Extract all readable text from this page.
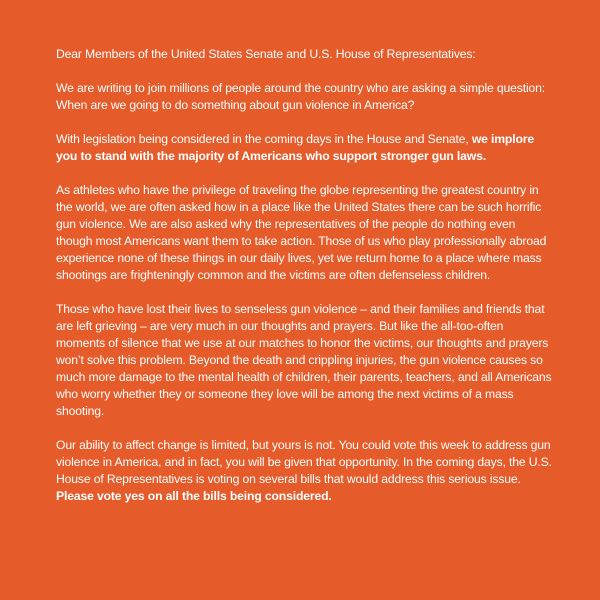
Dear Members of the United States Senate and U.S. House of Representatives:

We are writing to join millions of people around the country who are asking a simple question: When are we going to do something about gun violence in America?

With legislation being considered in the coming days in the House and Senate, we implore you to stand with the majority of Americans who support stronger gun laws.

As athletes who have the privilege of traveling the globe representing the greatest country in the world, we are often asked how in a place like the United States there can be such horrific gun violence. We are also asked why the representatives of the people do nothing even though most Americans want them to take action. Those of us who play professionally abroad experience none of these things in our daily lives, yet we return home to a place where mass shootings are frighteningly common and the victims are often defenseless children.

Those who have lost their lives to senseless gun violence – and their families and friends that are left grieving – are very much in our thoughts and prayers. But like the all-too-often moments of silence that we use at our matches to honor the victims, our thoughts and prayers won’t solve this problem. Beyond the death and crippling injuries, the gun violence causes so much more damage to the mental health of children, their parents, teachers, and all Americans who worry whether they or someone they love will be among the next victims of a mass shooting.

Our ability to affect change is limited, but yours is not. You could vote this week to address gun violence in America, and in fact, you will be given that opportunity. In the coming days, the U.S. House of Representatives is voting on several bills that would address this serious issue. Please vote yes on all the bills being considered.
